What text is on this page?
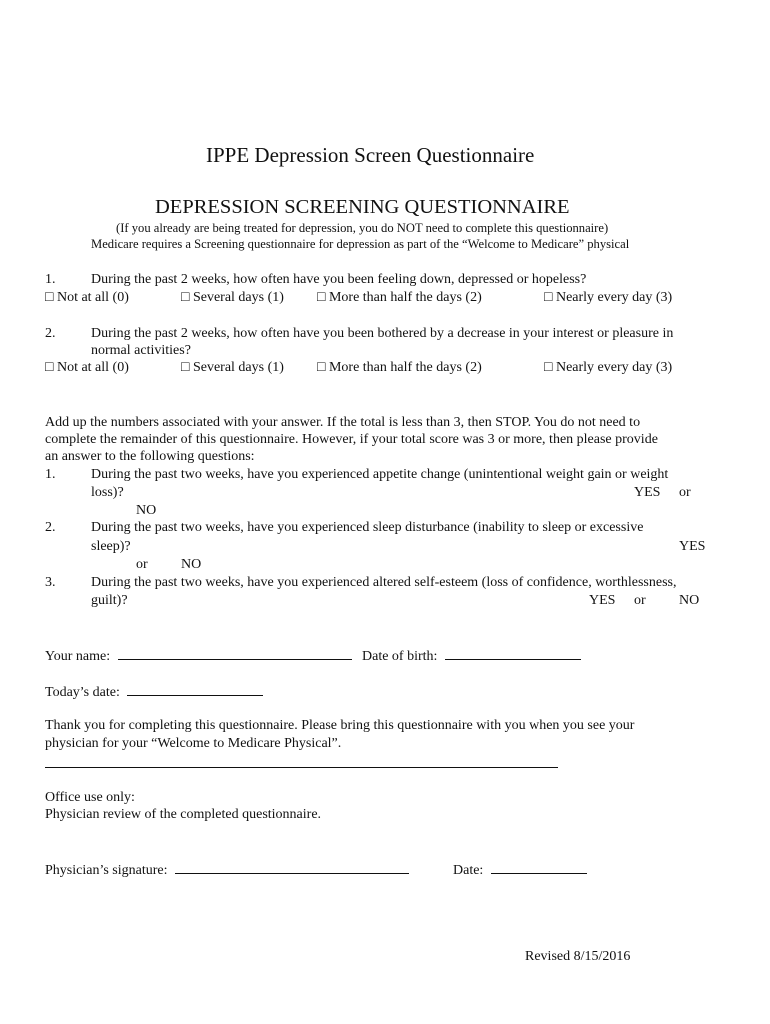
IPPE Depression Screen Questionnaire
DEPRESSION SCREENING QUESTIONNAIRE
(If you already are being treated for depression, you do NOT need to complete this questionnaire)
Medicare requires a Screening questionnaire for depression as part of the “Welcome to Medicare” physical
1.	During the past 2 weeks, how often have you been feeling down, depressed or hopeless?
□ Not at all (0)	□ Several days (1) □ More than half the days (2)	□ Nearly every day (3)
2.	During the past 2 weeks, how often have you been bothered by a decrease in your interest or pleasure in
normal activities?
□ Not at all (0)	□ Several days (1) □ More than half the days (2)	□ Nearly every day (3)
Add up the numbers associated with your answer. If the total is less than 3, then STOP. You do not need to
complete the remainder of this questionnaire. However, if your total score was 3 or more, then please provide
an answer to the following questions:
1.	During the past two weeks, have you experienced appetite change (unintentional weight gain or weight
loss)?	YES or
NO
2.	During the past two weeks, have you experienced sleep disturbance (inability to sleep or excessive
sleep)?	YES
or NO
3.	During the past two weeks, have you experienced altered self-esteem (loss of confidence, worthlessness,
guilt)?	YES or NO
Your name:	Date of birth:
Today’s date:
Thank you for completing this questionnaire. Please bring this questionnaire with you when you see your
physician for your “Welcome to Medicare Physical”.
Office use only:
Physician review of the completed questionnaire.
Physician’s signature:	Date:
Revised 8/15/2016
